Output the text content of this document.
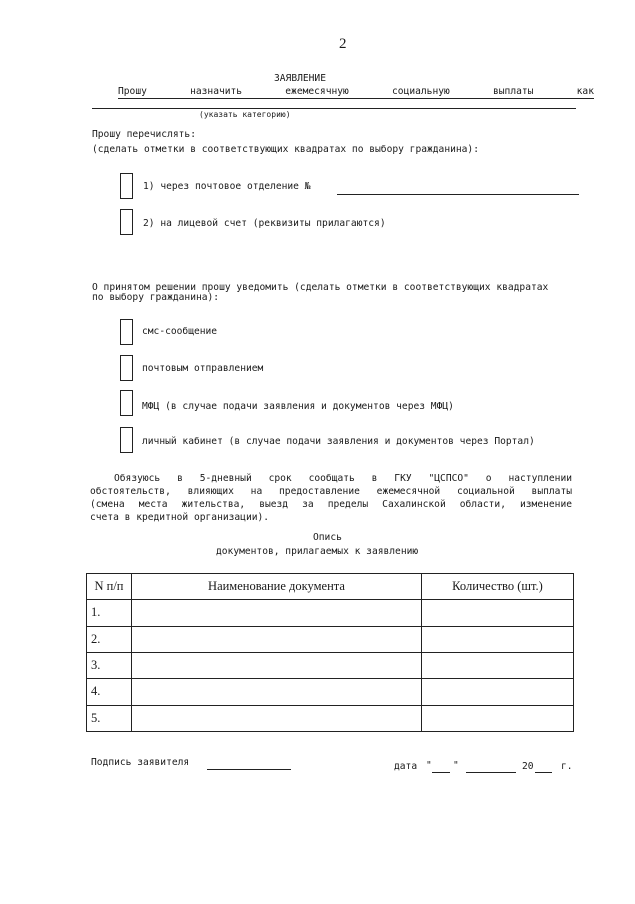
2
ЗАЯВЛЕНИЕ
Прошу	назначить	ежемесячную	социальную	выплаты	как
(указать категорию)
Прошу перечислять:
(сделать отметки в соответствующих квадратах по выбору гражданина):
1) через почтовое отделение №
2) на лицевой счет (реквизиты прилагаются)
О принятом решении прошу уведомить (сделать отметки в соответствующих квадратах
по выбору гражданина):
смс-сообщение
почтовым отправлением
МФЦ (в случае подачи заявления и документов через МФЦ)
личный кабинет (в случае подачи заявления и документов через Портал)
Обязуюсь в 5-дневный срок сообщать в ГКУ "ЦСПСО" о наступлении
обстоятельств, влияющих на предоставление ежемесячной социальной выплаты
(смена места жительства, выезд за пределы Сахалинской области, изменение
счета в кредитной организации).
Опись
документов, прилагаемых к заявлению
N п/п	Наименование документа	Количество (шт.)
1.		
2.		
3.		
4.		
5.		
Подпись заявителя	дата " "	20	г.
